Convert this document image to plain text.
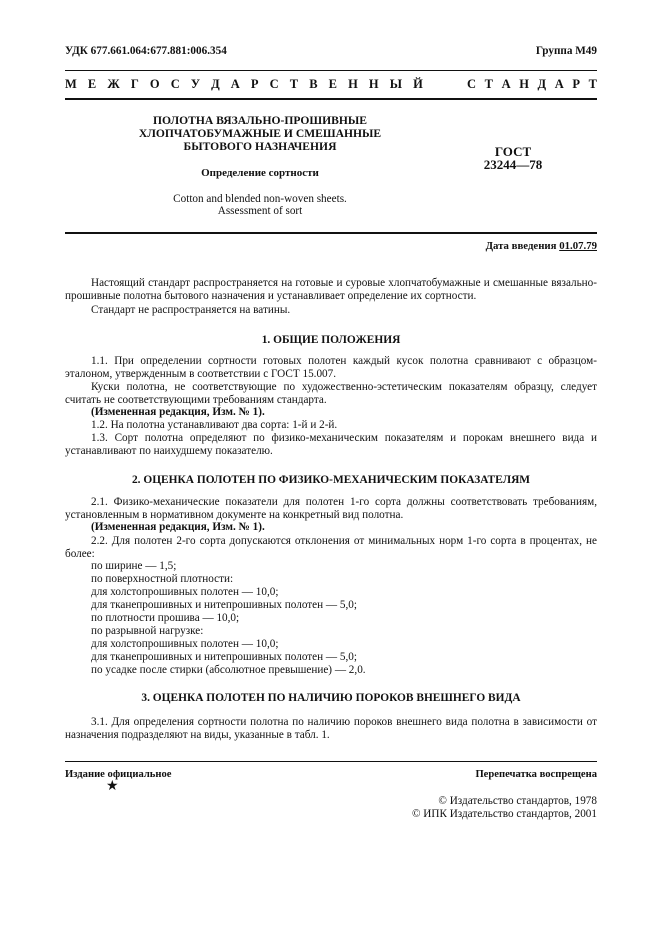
УДК 677.661.064:677.881:006.354	Группа М49
М Е Ж Г О С У Д А Р С Т В Е Н Н Ы Й	С Т А Н Д А Р Т
ПОЛОТНА ВЯЗАЛЬНО-ПРОШИВНЫЕ
ХЛОПЧАТОБУМАЖНЫЕ И СМЕШАННЫЕ
БЫТОВОГО НАЗНАЧЕНИЯ
Определение сортности
Cotton and blended non-woven sheets.
Assessment of sort
ГОСТ
23244—78
Дата введения 01.07.79
Настоящий стандарт распространяется на готовые и суровые хлопчатобумажные и смешанные вязально-прошивные полотна бытового назначения и устанавливает определение их сортности.
Стандарт не распространяется на ватины.
1. ОБЩИЕ ПОЛОЖЕНИЯ
1.1. При определении сортности готовых полотен каждый кусок полотна сравнивают с образцом-эталоном, утвержденным в соответствии с ГОСТ 15.007.
Куски полотна, не соответствующие по художественно-эстетическим показателям образцу, следует считать не соответствующими требованиям стандарта.
(Измененная редакция, Изм. № 1).
1.2. На полотна устанавливают два сорта: 1-й и 2-й.
1.3. Сорт полотна определяют по физико-механическим показателям и порокам внешнего вида и устанавливают по наихудшему показателю.
2. ОЦЕНКА ПОЛОТЕН ПО ФИЗИКО-МЕХАНИЧЕСКИМ ПОКАЗАТЕЛЯМ
2.1. Физико-механические показатели для полотен 1-го сорта должны соответствовать требованиям, установленным в нормативном документе на конкретный вид полотна.
(Измененная редакция, Изм. № 1).
2.2. Для полотен 2-го сорта допускаются отклонения от минимальных норм 1-го сорта в процентах, не более:
по ширине — 1,5;
по поверхностной плотности:
для холстопрошивных полотен — 10,0;
для тканепрошивных и нитепрошивных полотен — 5,0;
по плотности прошива — 10,0;
по разрывной нагрузке:
для холстопрошивных полотен — 10,0;
для тканепрошивных и нитепрошивных полотен — 5,0;
по усадке после стирки (абсолютное превышение) — 2,0.
3. ОЦЕНКА ПОЛОТЕН ПО НАЛИЧИЮ ПОРОКОВ ВНЕШНЕГО ВИДА
3.1. Для определения сортности полотна по наличию пороков внешнего вида полотна в зависимости от назначения подразделяют на виды, указанные в табл. 1.
Издание официальное
★
Перепечатка воспрещена
© Издательство стандартов, 1978
© ИПК Издательство стандартов, 2001
